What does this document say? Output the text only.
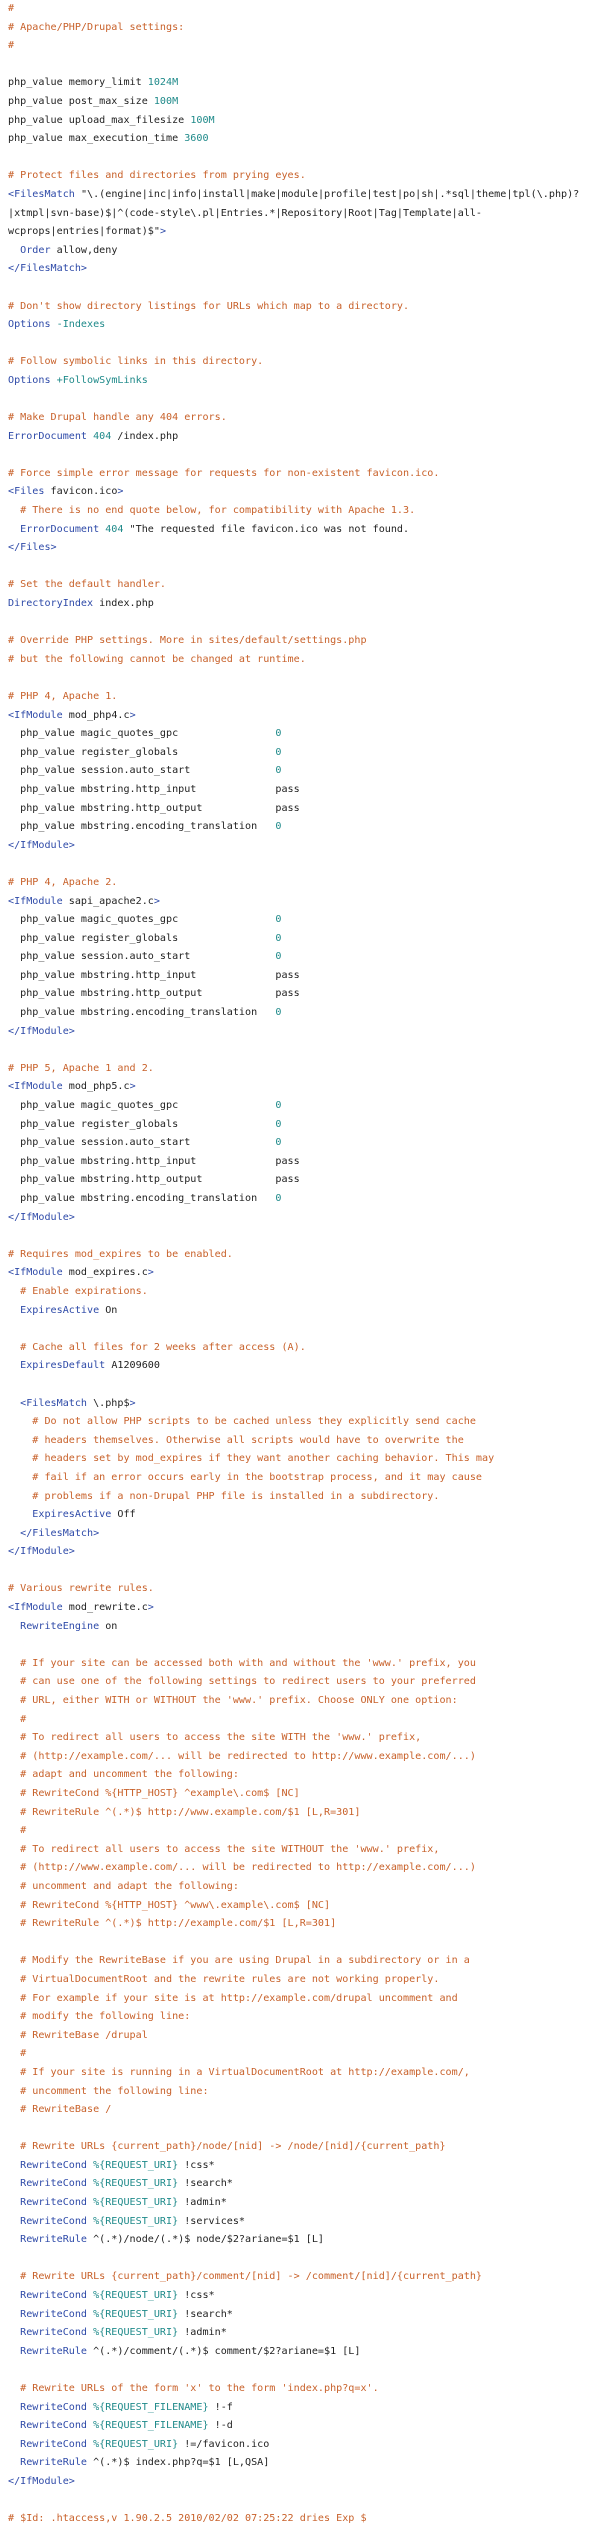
#
# Apache/PHP/Drupal settings:
#

php_value memory_limit 1024M
php_value post_max_size 100M
php_value upload_max_filesize 100M
php_value max_execution_time 3600

# Protect files and directories from prying eyes.
<FilesMatch "\.(engine|inc|info|install|make|module|profile|test|po|sh|.*sql|theme|tpl(\.php)?
|xtmpl|svn-base)$|^(code-style\.pl|Entries.*|Repository|Root|Tag|Template|all-
wcprops|entries|format)$">
Order allow,deny
</FilesMatch>

# Don't show directory listings for URLs which map to a directory.
Options -Indexes

# Follow symbolic links in this directory.
Options +FollowSymLinks

# Make Drupal handle any 404 errors.
ErrorDocument 404 /index.php

# Force simple error message for requests for non-existent favicon.ico.
<Files favicon.ico>
# There is no end quote below, for compatibility with Apache 1.3.
ErrorDocument 404 "The requested file favicon.ico was not found.
</Files>

# Set the default handler.
DirectoryIndex index.php

# Override PHP settings. More in sites/default/settings.php
# but the following cannot be changed at runtime.

# PHP 4, Apache 1.
<IfModule mod_php4.c>
php_value magic_quotes_gpc                0
php_value register_globals                0
php_value session.auto_start              0
php_value mbstring.http_input             pass
php_value mbstring.http_output            pass
php_value mbstring.encoding_translation   0
</IfModule>

# PHP 4, Apache 2.
<IfModule sapi_apache2.c>
php_value magic_quotes_gpc                0
php_value register_globals                0
php_value session.auto_start              0
php_value mbstring.http_input             pass
php_value mbstring.http_output            pass
php_value mbstring.encoding_translation   0
</IfModule>

# PHP 5, Apache 1 and 2.
<IfModule mod_php5.c>
php_value magic_quotes_gpc                0
php_value register_globals                0
php_value session.auto_start              0
php_value mbstring.http_input             pass
php_value mbstring.http_output            pass
php_value mbstring.encoding_translation   0
</IfModule>

# Requires mod_expires to be enabled.
<IfModule mod_expires.c>
# Enable expirations.
ExpiresActive On

# Cache all files for 2 weeks after access (A).
ExpiresDefault A1209600

<FilesMatch \.php$>
# Do not allow PHP scripts to be cached unless they explicitly send cache
# headers themselves. Otherwise all scripts would have to overwrite the
# headers set by mod_expires if they want another caching behavior. This may
# fail if an error occurs early in the bootstrap process, and it may cause
# problems if a non-Drupal PHP file is installed in a subdirectory.
ExpiresActive Off
</FilesMatch>
</IfModule>

# Various rewrite rules.
<IfModule mod_rewrite.c>
RewriteEngine on

# If your site can be accessed both with and without the 'www.' prefix, you
# can use one of the following settings to redirect users to your preferred
# URL, either WITH or WITHOUT the 'www.' prefix. Choose ONLY one option:
#
# To redirect all users to access the site WITH the 'www.' prefix,
# (http://example.com/... will be redirected to http://www.example.com/...)
# adapt and uncomment the following:
# RewriteCond %{HTTP_HOST} ^example\.com$ [NC]
# RewriteRule ^(.*)$ http://www.example.com/$1 [L,R=301]
#
# To redirect all users to access the site WITHOUT the 'www.' prefix,
# (http://www.example.com/... will be redirected to http://example.com/...)
# uncomment and adapt the following:
# RewriteCond %{HTTP_HOST} ^www\.example\.com$ [NC]
# RewriteRule ^(.*)$ http://example.com/$1 [L,R=301]

# Modify the RewriteBase if you are using Drupal in a subdirectory or in a
# VirtualDocumentRoot and the rewrite rules are not working properly.
# For example if your site is at http://example.com/drupal uncomment and
# modify the following line:
# RewriteBase /drupal
#
# If your site is running in a VirtualDocumentRoot at http://example.com/,
# uncomment the following line:
# RewriteBase /

# Rewrite URLs {current_path}/node/[nid] -> /node/[nid]/{current_path}
RewriteCond %{REQUEST_URI} !css*
RewriteCond %{REQUEST_URI} !search*
RewriteCond %{REQUEST_URI} !admin*
RewriteCond %{REQUEST_URI} !services*
RewriteRule ^(.*)/node/(.*)$ node/$2?ariane=$1 [L]

# Rewrite URLs {current_path}/comment/[nid] -> /comment/[nid]/{current_path}
RewriteCond %{REQUEST_URI} !css*
RewriteCond %{REQUEST_URI} !search*
RewriteCond %{REQUEST_URI} !admin*
RewriteRule ^(.*)/comment/(.*)$ comment/$2?ariane=$1 [L]

# Rewrite URLs of the form 'x' to the form 'index.php?q=x'.
RewriteCond %{REQUEST_FILENAME} !-f
RewriteCond %{REQUEST_FILENAME} !-d
RewriteCond %{REQUEST_URI} !=/favicon.ico
RewriteRule ^(.*)$ index.php?q=$1 [L,QSA]
</IfModule>

# $Id: .htaccess,v 1.90.2.5 2010/02/02 07:25:22 dries Exp $
